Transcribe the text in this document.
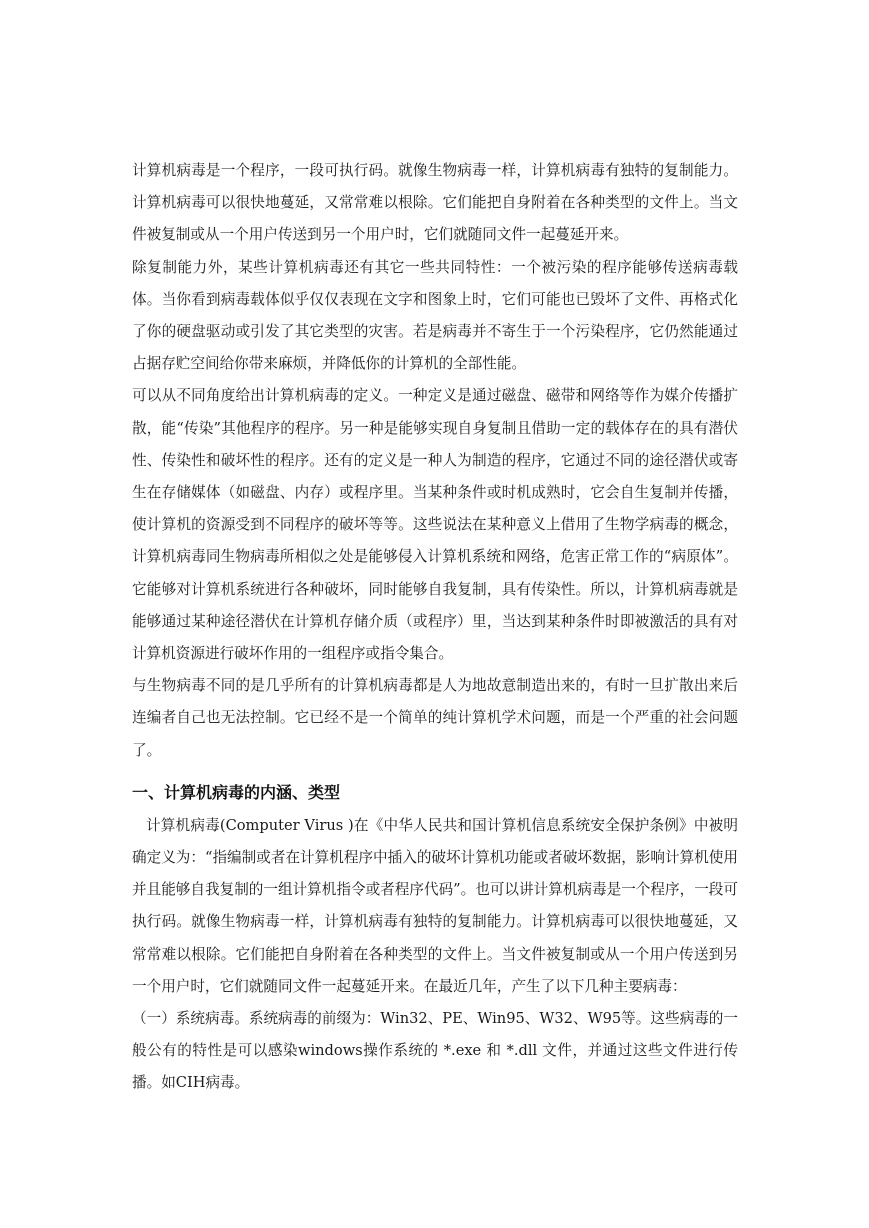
计算机病毒是一个程序，一段可执行码。就像生物病毒一样，计算机病毒有独特的复制能力。计算机病毒可以很快地蔓延，又常常难以根除。它们能把自身附着在各种类型的文件上。当文件被复制或从一个用户传送到另一个用户时，它们就随同文件一起蔓延开来。

除复制能力外，某些计算机病毒还有其它一些共同特性：一个被污染的程序能够传送病毒载体。当你看到病毒载体似乎仅仅表现在文字和图象上时，它们可能也已毁坏了文件、再格式化了你的硬盘驱动或引发了其它类型的灾害。若是病毒并不寄生于一个污染程序，它仍然能通过占据存贮空间给你带来麻烦，并降低你的计算机的全部性能。

可以从不同角度给出计算机病毒的定义。一种定义是通过磁盘、磁带和网络等作为媒介传播扩散，能“传染”其他程序的程序。另一种是能够实现自身复制且借助一定的载体存在的具有潜伏性、传染性和破坏性的程序。还有的定义是一种人为制造的程序，它通过不同的途径潜伏或寄生在存储媒体（如磁盘、内存）或程序里。当某种条件或时机成熟时，它会自生复制并传播，使计算机的资源受到不同程序的破坏等等。这些说法在某种意义上借用了生物学病毒的概念，计算机病毒同生物病毒所相似之处是能够侵入计算机系统和网络，危害正常工作的“病原体”。它能够对计算机系统进行各种破坏，同时能够自我复制，具有传染性。所以，计算机病毒就是能够通过某种途径潜伏在计算机存储介质（或程序）里，当达到某种条件时即被激活的具有对计算机资源进行破坏作用的一组程序或指令集合。

与生物病毒不同的是几乎所有的计算机病毒都是人为地故意制造出来的，有时一旦扩散出来后连编者自己也无法控制。它已经不是一个简单的纯计算机学术问题，而是一个严重的社会问题了。

一、计算机病毒的内涵、类型

计算机病毒(Computer Virus )在《中华人民共和国计算机信息系统安全保护条例》中被明确定义为：“指编制或者在计算机程序中插入的破坏计算机功能或者破坏数据，影响计算机使用并且能够自我复制的一组计算机指令或者程序代码”。也可以讲计算机病毒是一个程序，一段可执行码。就像生物病毒一样，计算机病毒有独特的复制能力。计算机病毒可以很快地蔓延，又常常难以根除。它们能把自身附着在各种类型的文件上。当文件被复制或从一个用户传送到另一个用户时，它们就随同文件一起蔓延开来。在最近几年，产生了以下几种主要病毒：

（一）系统病毒。系统病毒的前缀为：Win32、PE、Win95、W32、W95等。这些病毒的一般公有的特性是可以感染windows操作系统的 *.exe 和 *.dll 文件，并通过这些文件进行传播。如CIH病毒。
